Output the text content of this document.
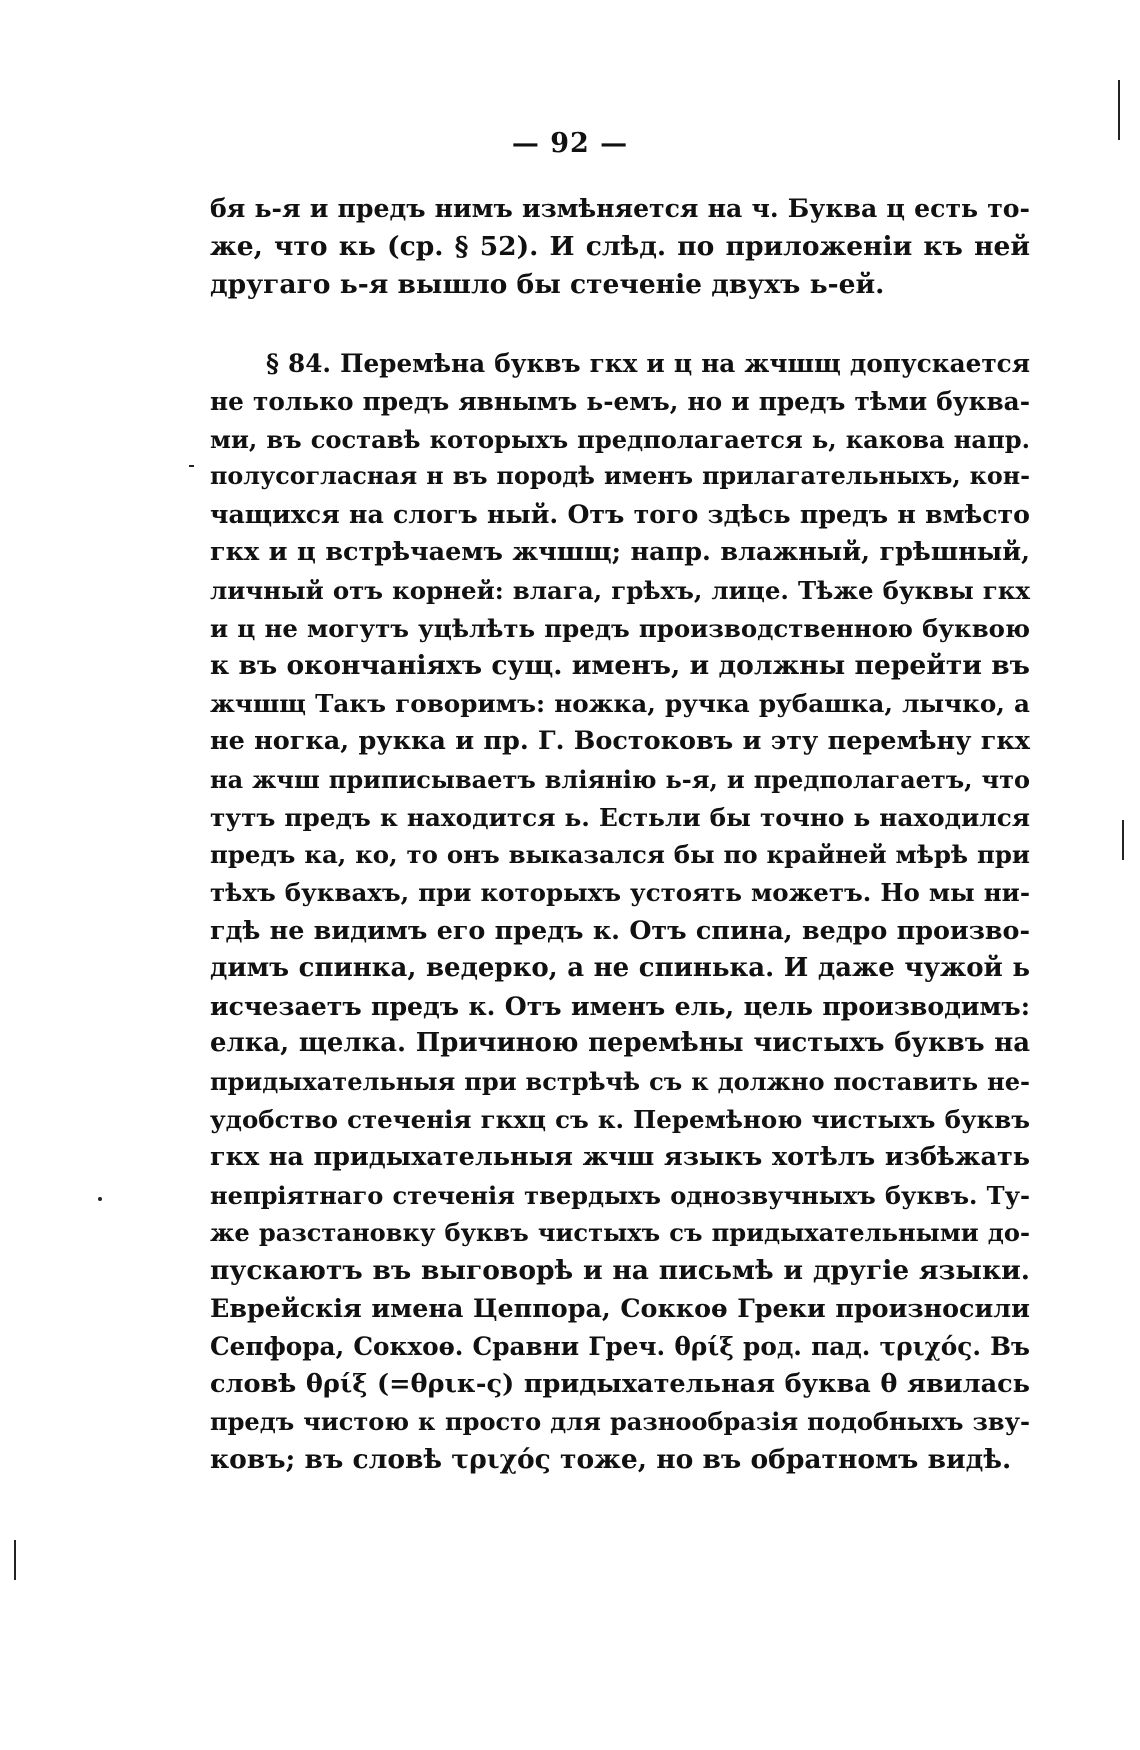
— 92 —
бя ь-я и предъ нимъ измѣняется на ч. Буква ц есть то-
же, что кь (ср. § 52). И слѣд. по приложенiи къ ней
другаго ь-я вышло бы стеченiе двухъ ь-ей.
§ 84. Перемѣна буквъ гкх и ц на жчшщ допускается
не только предъ явнымъ ь-емъ, но и предъ тѣми буква-
ми, въ составѣ которыхъ предполагается ь, какова напр.
полусогласная н въ породѣ именъ прилагательныхъ, кон-
чащихся на слогъ ный. Отъ того здѣсь предъ н вмѣсто
гкх и ц встрѣчаемъ жчшщ; напр. влажный, грѣшный,
личный отъ корней: влага, грѣхъ, лице. Тѣже буквы гкх
и ц не могутъ уцѣлѣть предъ производственною буквою
к въ окончанiяхъ сущ. именъ, и должны перейти въ
жчшщ Такъ говоримъ: ножка, ручка рубашка, лычко, а
не ногка, рукка и пр. Г. Востоковъ и эту перемѣну гкх
на жчш приписываетъ влiянiю ь-я, и предполагаетъ, что
тутъ предъ к находится ь. Естьли бы точно ь находился
предъ ка, ко, то онъ выказался бы по крайней мѣрѣ при
тѣхъ буквахъ, при которыхъ устоять можетъ. Но мы ни-
гдѣ не видимъ его предъ к. Отъ спина, ведро произво-
димъ спинка, ведерко, а не спинька. И даже чужой ь
исчезаетъ предъ к. Отъ именъ ель, цель производимъ:
елка, щелка. Причиною перемѣны чистыхъ буквъ на
придыхательныя при встрѣчѣ съ к должно поставить не-
удобство стеченiя гкхц съ к. Перемѣною чистыхъ буквъ
гкх на придыхательныя жчш языкъ хотѣлъ избѣжать
непрiятнаго стеченiя твердыхъ однозвучныхъ буквъ. Ту-
же разстановку буквъ чистыхъ съ придыхательными до-
пускаютъ въ выговорѣ и на письмѣ и другiе языки.
Еврейскiя имена Цеппора, Соккоѳ Греки произносили
Сепфора, Сокхоѳ. Сравни Греч. θρίξ род. пад. τριχός. Въ
словѣ θρίξ (=θρικ-ς) придыхательная буква θ явилась
предъ чистою κ просто для разнообразiя подобныхъ зву-
ковъ; въ словѣ τριχός тоже, но въ обратномъ видѣ.
